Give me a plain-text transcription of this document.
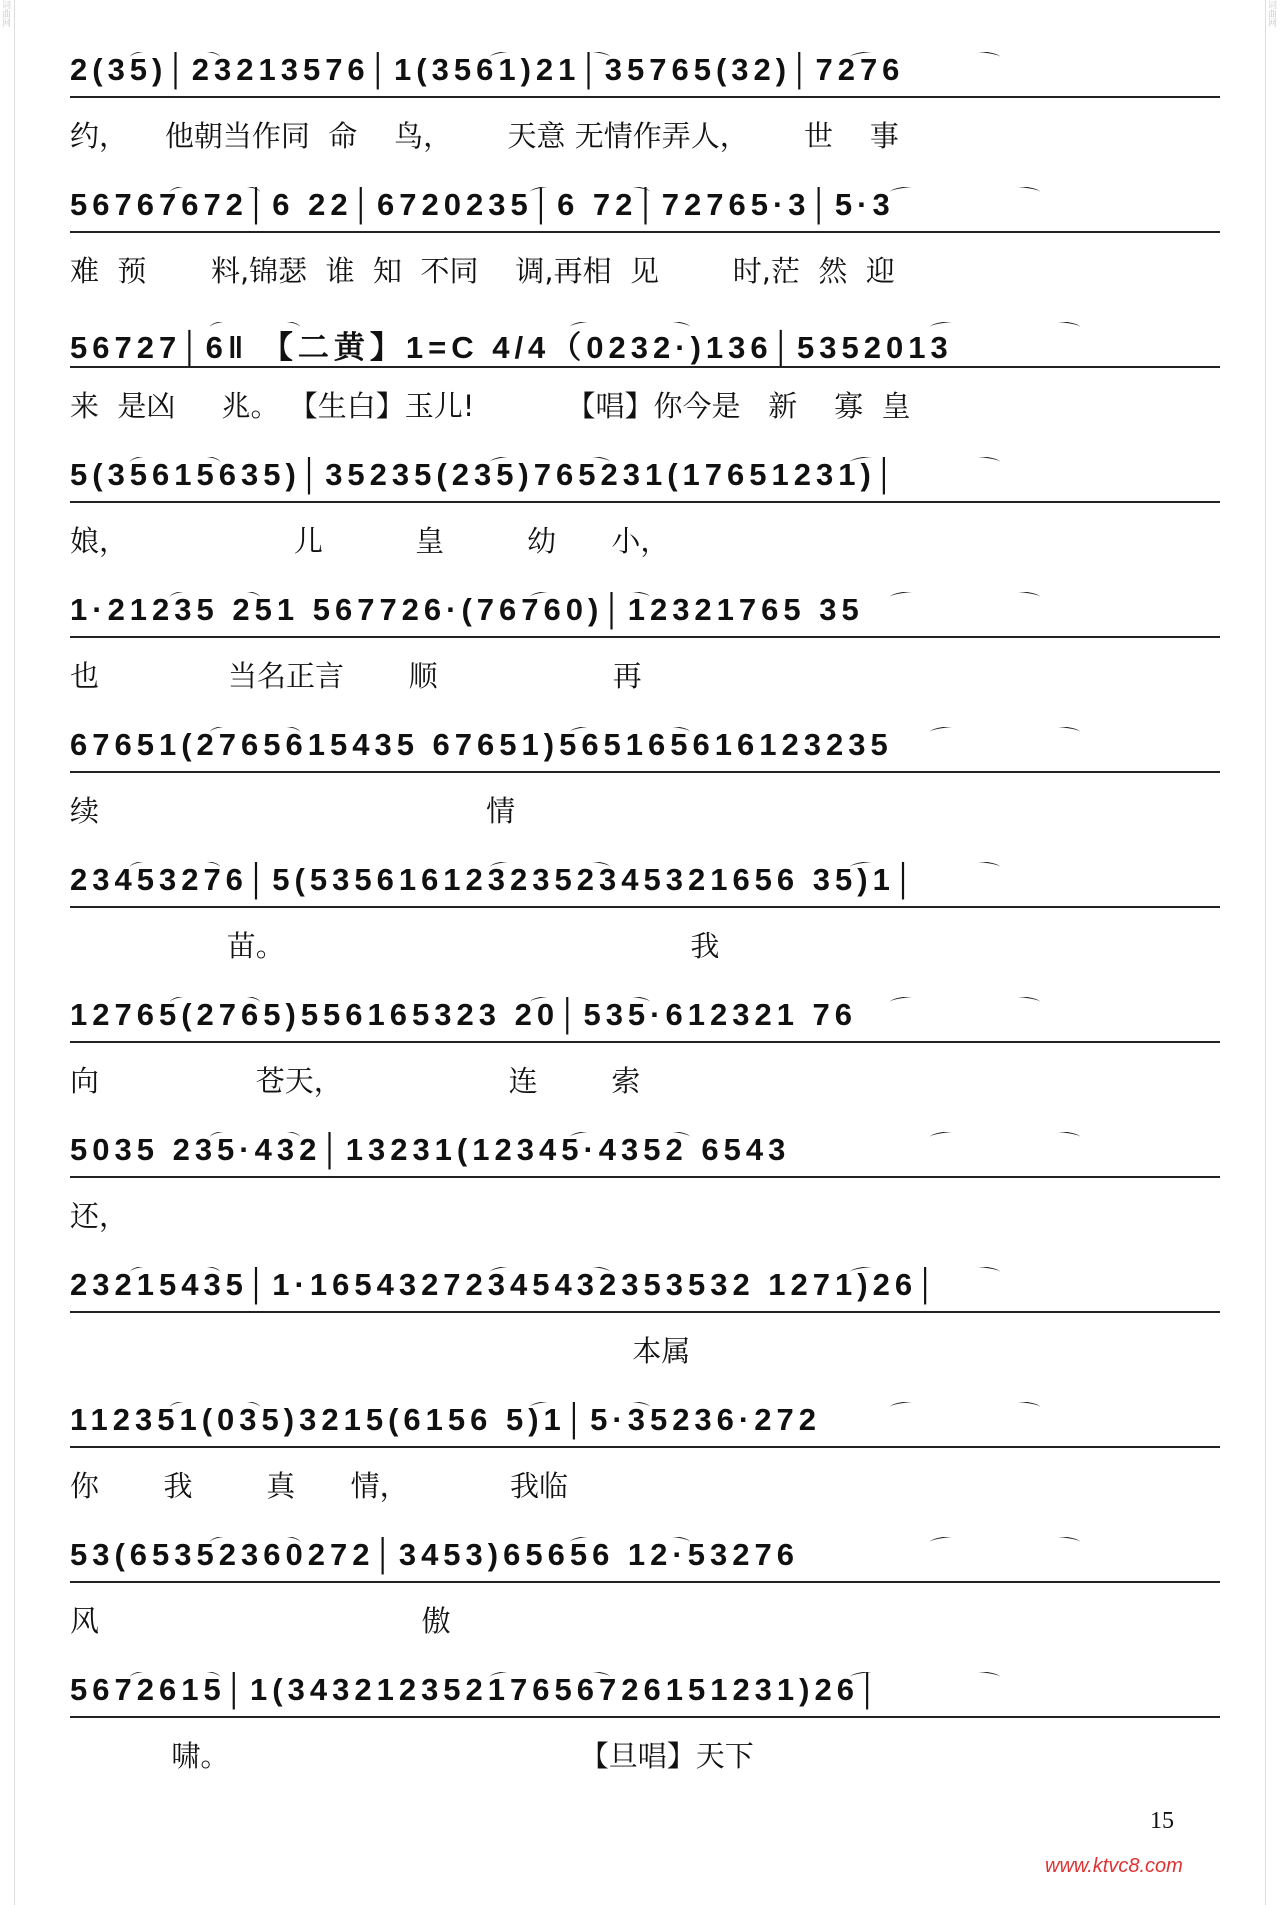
词曲网	词曲网
2(35)│23213576│1(3561)21│35765(32)│7276
约，    他朝当作同  命    鸟，      天意 无情作弄人，      世    事
56767672│6 22│6720235│6 72│72765·3│5·3
难  预       料,锦瑟  谁  知  不同    调,再相  见        时,茫  然  迎
56727│6‖ 【二黄】1=C 4/4（0232·)136│5352013
来  是凶     兆。 【生白】玉儿!          【唱】你今是   新    寡  皇
5(35615635)│35235(235)765231(17651231)│
娘，                  儿          皇         幼      小，
1·21235 251 567726·(76760)│12321765 35
也              当名正言       顺                   再
67651(2765615435 67651)565165616123235
续                                          情
23453276│5(5356161232352345321656 35)1│
苗。                                            我
12765(2765)556165323 20│535·612321 76
向                 苍天，                  连        索
5035 235·432│13231(12345·4352 6543
还，
23215435│1·16543272345432353532 1271)26│
本属
112351(035)3215(6156 5)1│5·35236·272
你       我        真      情，           我临
53(65352360272│3453)65656 12·53276
风                                   傲
5672615│1(34321235217656726151231)26│
啸。                                      【旦唱】天下
15
www.ktvc8.com
